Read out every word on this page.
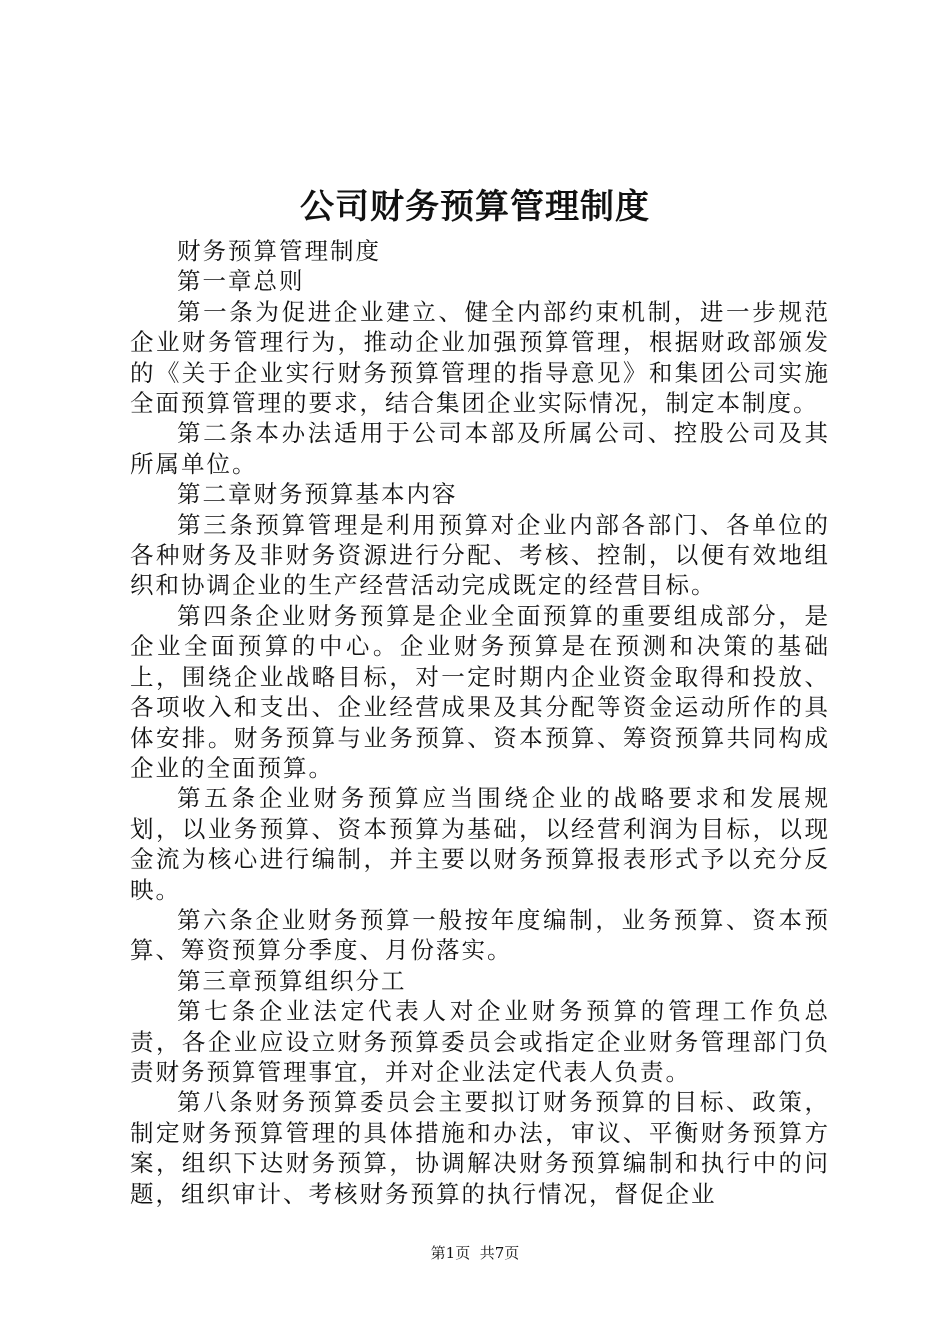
公司财务预算管理制度

财务预算管理制度

第一章总则

第一条为促进企业建立、健全内部约束机制，进一步规范企业财务管理行为，推动企业加强预算管理，根据财政部颁发的《关于企业实行财务预算管理的指导意见》和集团公司实施全面预算管理的要求，结合集团企业实际情况，制定本制度。

第二条本办法适用于公司本部及所属公司、控股公司及其所属单位。

第二章财务预算基本内容

第三条预算管理是利用预算对企业内部各部门、各单位的各种财务及非财务资源进行分配、考核、控制，以便有效地组织和协调企业的生产经营活动完成既定的经营目标。

第四条企业财务预算是企业全面预算的重要组成部分，是企业全面预算的中心。企业财务预算是在预测和决策的基础上，围绕企业战略目标，对一定时期内企业资金取得和投放、各项收入和支出、企业经营成果及其分配等资金运动所作的具体安排。财务预算与业务预算、资本预算、筹资预算共同构成企业的全面预算。

第五条企业财务预算应当围绕企业的战略要求和发展规划，以业务预算、资本预算为基础，以经营利润为目标，以现金流为核心进行编制，并主要以财务预算报表形式予以充分反映。

第六条企业财务预算一般按年度编制，业务预算、资本预算、筹资预算分季度、月份落实。

第三章预算组织分工

第七条企业法定代表人对企业财务预算的管理工作负总责，各企业应设立财务预算委员会或指定企业财务管理部门负责财务预算管理事宜，并对企业法定代表人负责。

第八条财务预算委员会主要拟订财务预算的目标、政策，制定财务预算管理的具体措施和办法，审议、平衡财务预算方案，组织下达财务预算，协调解决财务预算编制和执行中的问题，组织审计、考核财务预算的执行情况，督促企业

第1页 共7页
